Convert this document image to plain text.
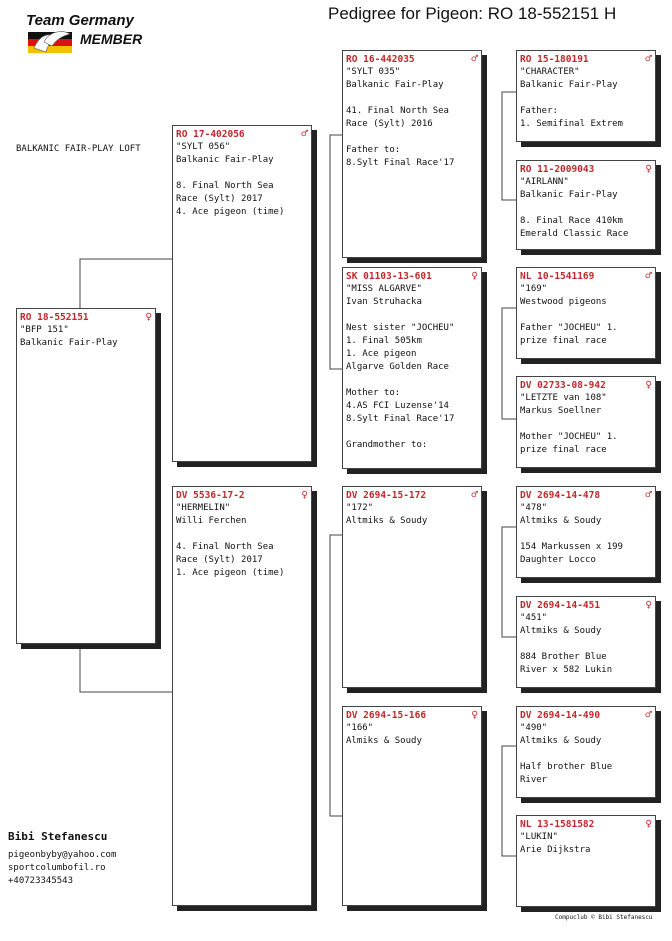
Team Germany
MEMBER
Pedigree for Pigeon: RO 18-552151 H
BALKANIC FAIR-PLAY LOFT
RO 18-552151	♀
"BFP 151"
Balkanic Fair-Play
RO 17-402056	♂
"SYLT 056"
Balkanic Fair-Play
8. Final North Sea
Race (Sylt) 2017
4. Ace pigeon (time)
DV 5536-17-2	♀
"HERMELIN"
Willi Ferchen
4. Final North Sea
Race (Sylt) 2017
1. Ace pigeon (time)
RO 16-442035	♂
"SYLT 035"
Balkanic Fair-Play
41. Final North Sea
Race (Sylt) 2016
Father to:
8.Sylt Final Race'17
SK 01103-13-601	♀
"MISS ALGARVE"
Ivan Struhacka
Nest sister "JOCHEU"
1. Final 505km
1. Ace pigeon
Algarve Golden Race
Mother to:
4.AS FCI Luzense'14
8.Sylt Final Race'17
Grandmother to:
DV 2694-15-172	♂
"172"
Altmiks & Soudy
DV 2694-15-166	♀
"166"
Almiks & Soudy
RO 15-180191	♂
"CHARACTER"
Balkanic Fair-Play
Father:
1. Semifinal Extrem
RO 11-2009043	♀
"AIRLANN"
Balkanic Fair-Play
8. Final Race 410km
Emerald Classic Race
NL 10-1541169	♂
"169"
Westwood pigeons
Father "JOCHEU" 1.
prize final race
DV 02733-08-942	♀
"LETZTE van 108"
Markus Soellner
Mother "JOCHEU" 1.
prize final race
DV 2694-14-478	♂
"478"
Altmiks & Soudy
154 Markussen x 199
Daughter Locco
DV 2694-14-451	♀
"451"
Altmiks & Soudy
884 Brother Blue
River x 582 Lukin
DV 2694-14-490	♂
"490"
Altmiks & Soudy
Half brother Blue
River
NL 13-1581582	♀
"LUKIN"
Arie Dijkstra
Bibi Stefanescu
pigeonbyby@yahoo.com
sportcolumbofil.ro
+40723345543
Compuclub © Bibi Stefanescu
